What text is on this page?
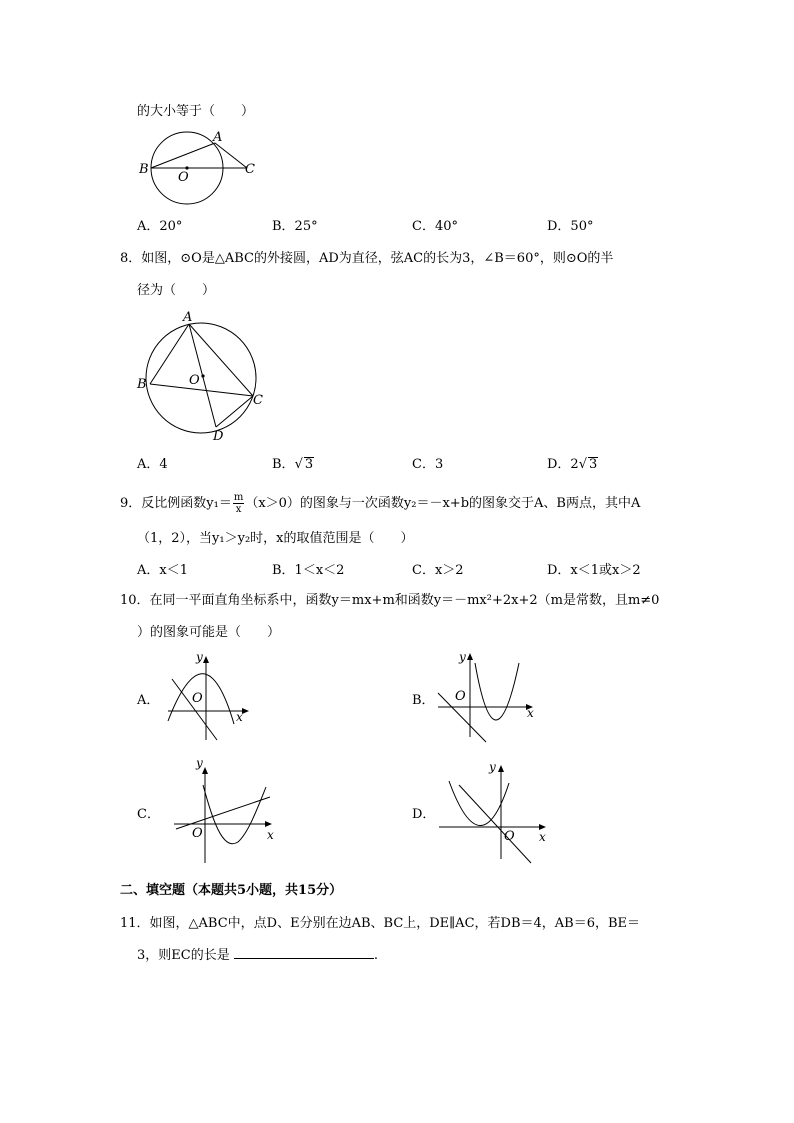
的大小等于（　　）
B
O
A
C
A．20°	B．25°	C．40°	D．50°
8．如图，⊙O是△ABC的外接圆，AD为直径，弦AC的长为3，∠B＝60°，则⊙O的半
径为（　　）
A
B	O
C
D
A．4	B．√ 3	C．3	D．2√ 3
9．反比例函数$y_1= \frac{m}{x} (x>0)$的图象与一次函数y₂＝－x+b的图象交于A、B两点，其中A
（1，2），当y₁＞y₂时，x的取值范围是（　　）
A．x＜1	B．1＜x＜2	C．x＞2	D．x＜1或x＞2
10．在同一平面直角坐标系中，函数y＝mx+m和函数y＝－mx²+2x+2（m是常数，且m≠0
）的图象可能是（　　）
A．
y
O
x
B．
y
O
x
C．
y
O	x
D．
y
O x
二、填空题（本题共5小题，共15分）
11．如图，△ABC中，点D、E分别在边AB、BC上，DE∥AC，若DB＝4，AB＝6，BE＝
3，则EC的长是	.
